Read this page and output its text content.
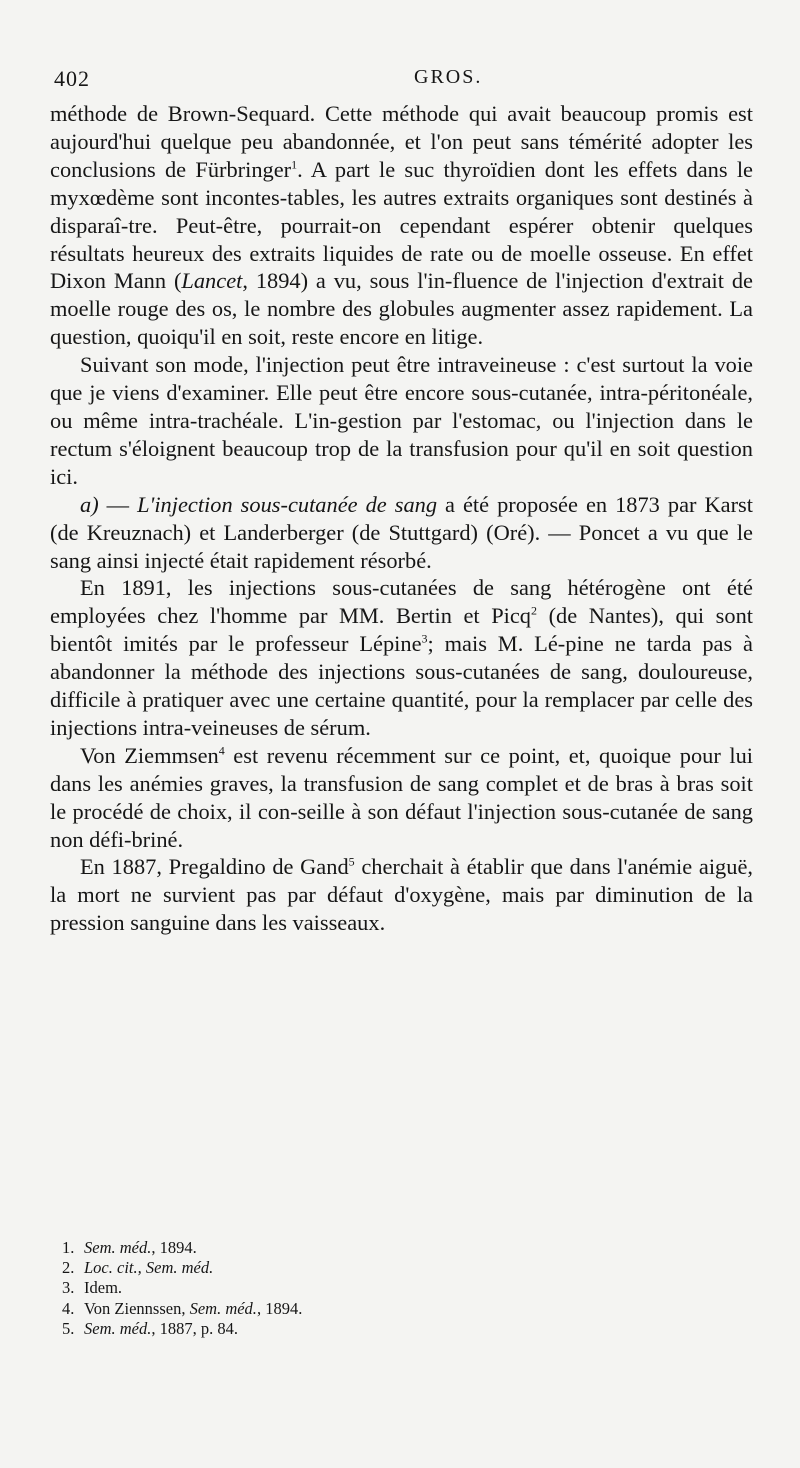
402	GROS.

méthode de Brown-Sequard. Cette méthode qui avait beaucoup promis est aujourd'hui quelque peu abandonnée, et l'on peut sans témérité adopter les conclusions de Fürbringer$^1$. A part le suc thyroïdien dont les effets dans le myxœdème sont incontes-tables, les autres extraits organiques sont destinés à disparaî-tre. Peut-être, pourrait-on cependant espérer obtenir quelques résultats heureux des extraits liquides de rate ou de moelle osseuse. En effet Dixon Mann (Lancet, 1894) a vu, sous l'in-fluence de l'injection d'extrait de moelle rouge des os, le nombre des globules augmenter assez rapidement. La question, quoiqu'il en soit, reste encore en litige.

Suivant son mode, l'injection peut être intraveineuse : c'est surtout la voie que je viens d'examiner. Elle peut être encore sous-cutanée, intra-péritonéale, ou même intra-trachéale. L'in-gestion par l'estomac, ou l'injection dans le rectum s'éloignent beaucoup trop de la transfusion pour qu'il en soit question ici.

a) — L'injection sous-cutanée de sang a été proposée en 1873 par Karst (de Kreuznach) et Landerberger (de Stuttgard) (Oré). — Poncet a vu que le sang ainsi injecté était rapidement résorbé.

En 1891, les injections sous-cutanées de sang hétérogène ont été employées chez l'homme par MM. Bertin et Picq$^2$ (de Nantes), qui sont bientôt imités par le professeur Lépine$^3$; mais M. Lé-pine ne tarda pas à abandonner la méthode des injections sous-cutanées de sang, douloureuse, difficile à pratiquer avec une certaine quantité, pour la remplacer par celle des injections intra-veineuses de sérum.

Von Ziemmsen$^4$ est revenu récemment sur ce point, et, quoique pour lui dans les anémies graves, la transfusion de sang complet et de bras à bras soit le procédé de choix, il con-seille à son défaut l'injection sous-cutanée de sang non défi-briné.

En 1887, Pregaldino de Gand$^5$ cherchait à établir que dans l'anémie aiguë, la mort ne survient pas par défaut d'oxygène, mais par diminution de la pression sanguine dans les vaisseaux.

1. Sem. méd., 1894.
2. Loc. cit., Sem. méd.
3. Idem.
4. Von Ziennssen, Sem. méd., 1894.
5. Sem. méd., 1887, p. 84.
